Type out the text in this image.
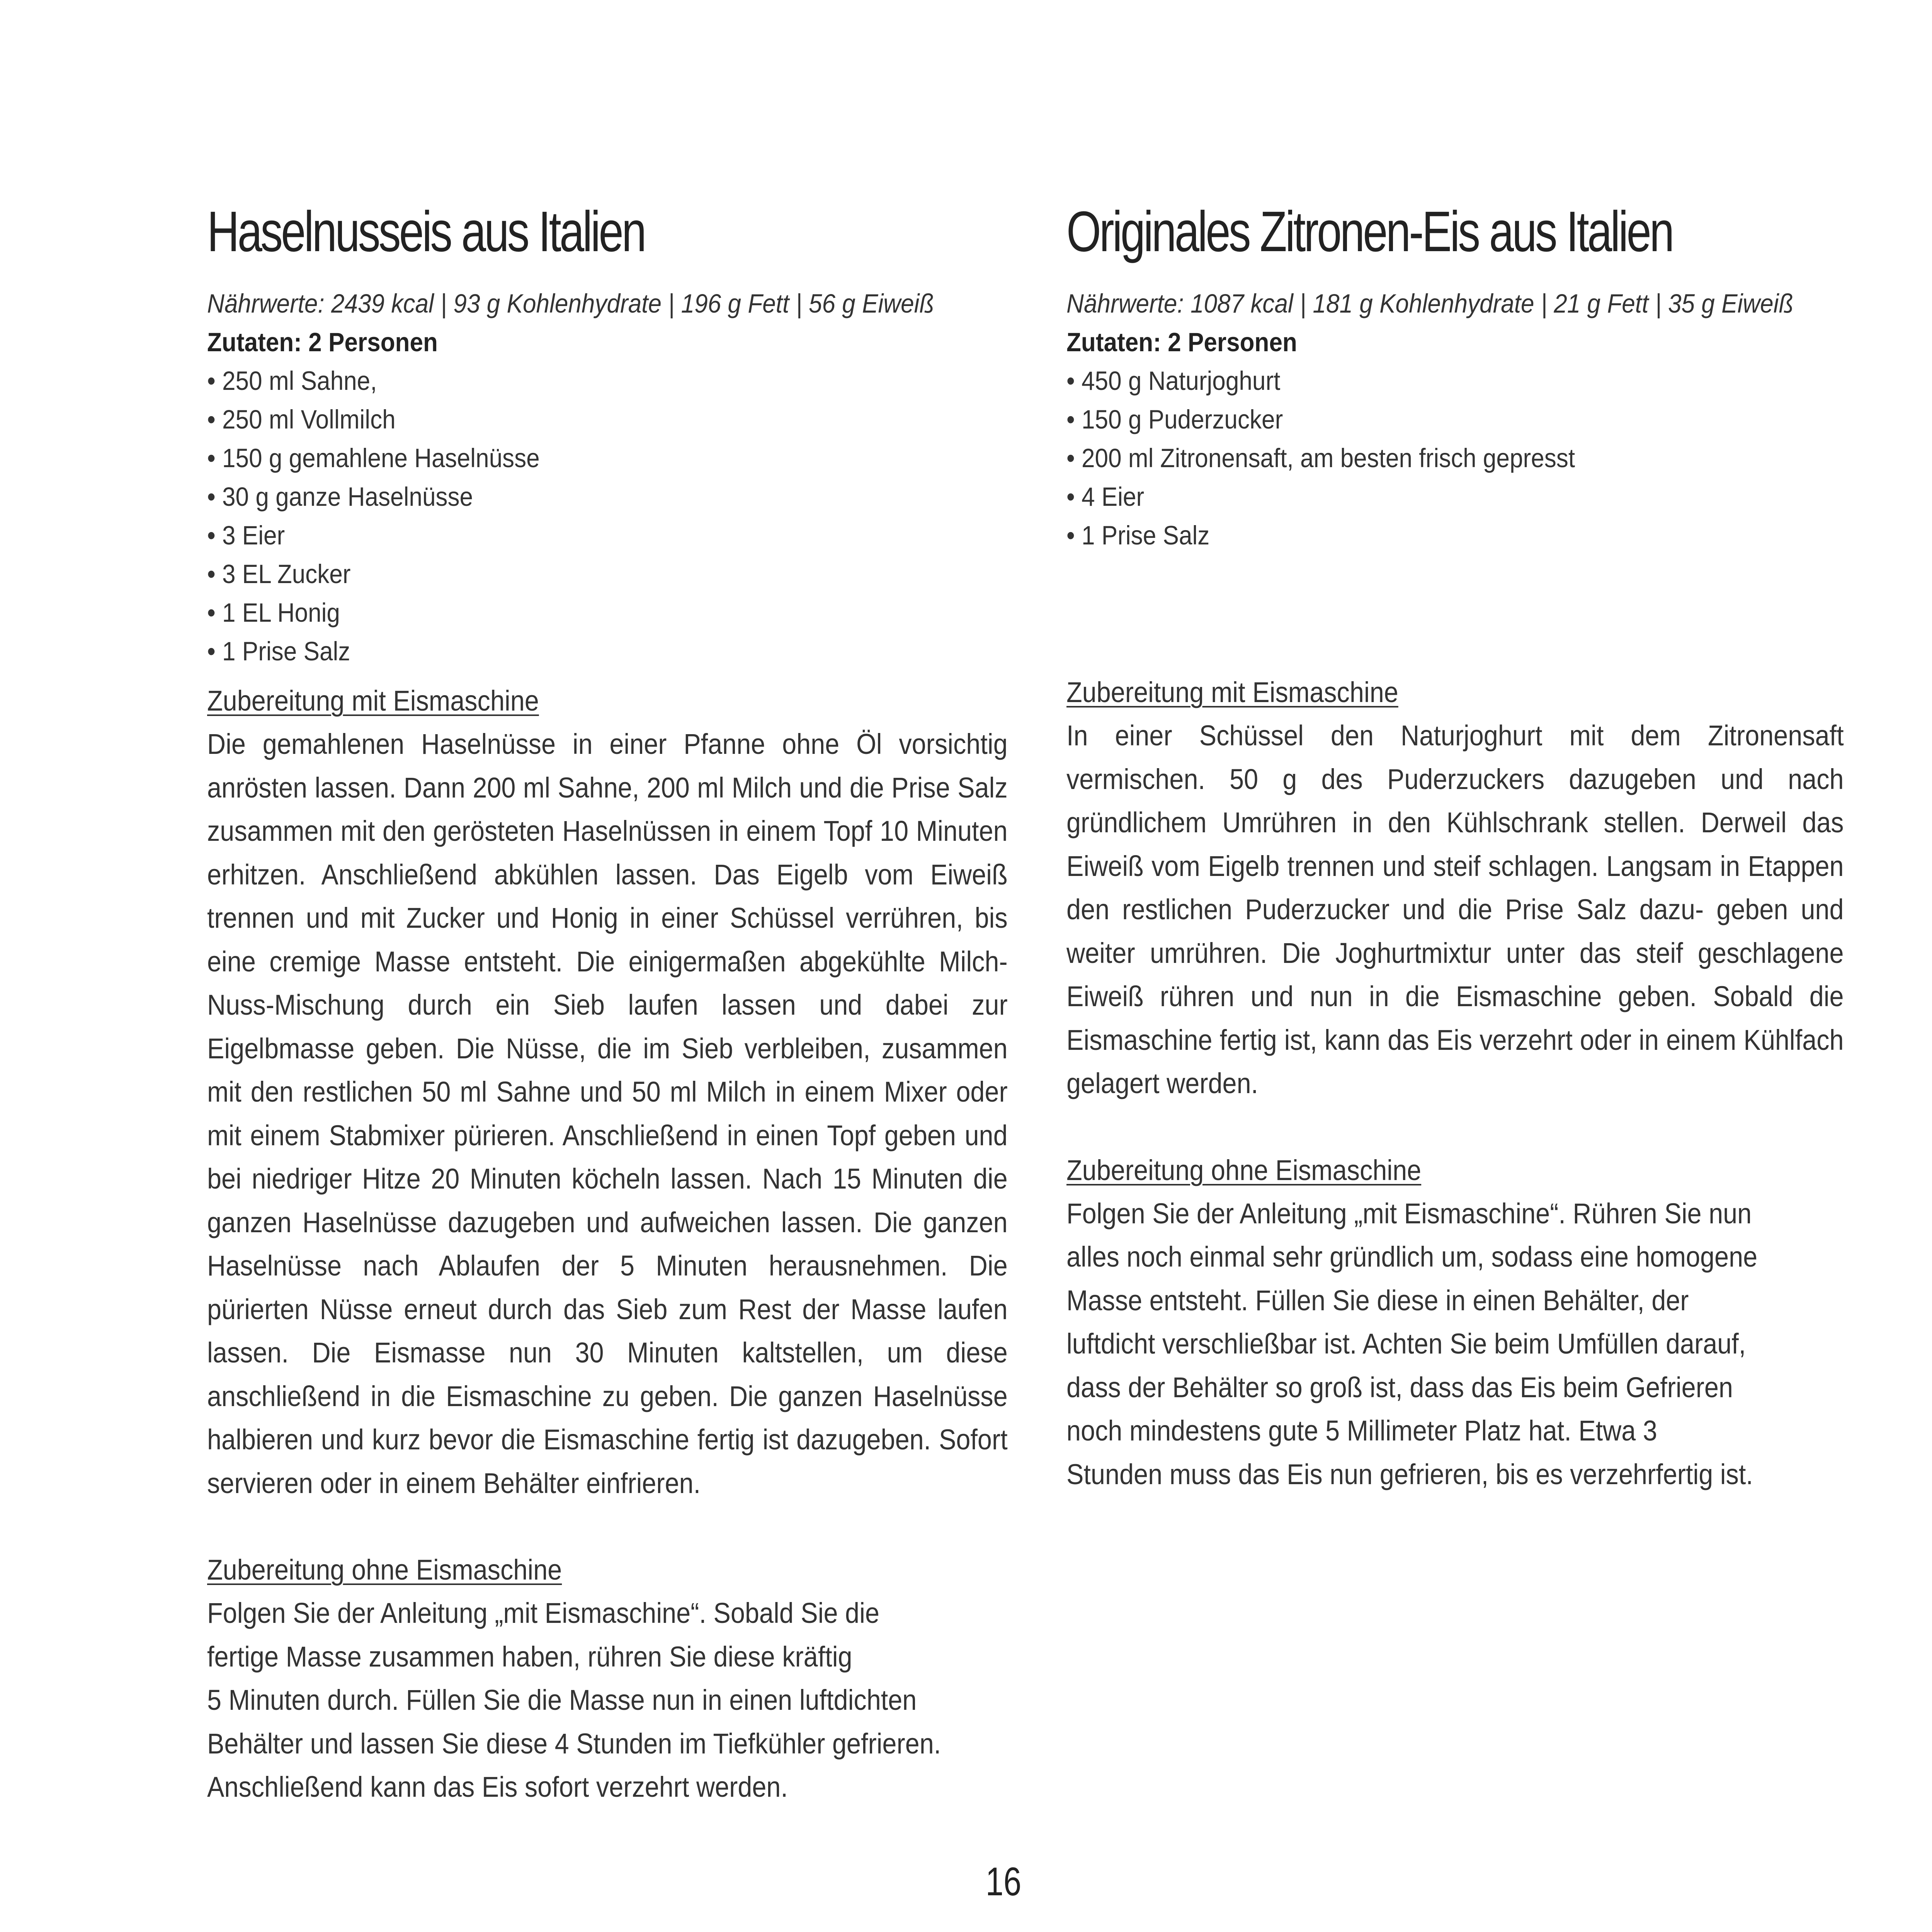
Haselnusseis aus Italien

Nährwerte: 2439 kcal | 93 g Kohlenhydrate | 196 g Fett | 56 g Eiweiß

Zutaten: 2 Personen

• 250 ml Sahne,
• 250 ml Vollmilch
• 150 g gemahlene Haselnüsse
• 30 g ganze Haselnüsse
• 3 Eier
• 3 EL Zucker
• 1 EL Honig
• 1 Prise Salz

Zubereitung mit Eismaschine

Die gemahlenen Haselnüsse in einer Pfanne ohne Öl vorsichtig anrösten lassen. Dann 200 ml Sahne, 200 ml Milch und die Prise Salz zusammen mit den gerösteten Haselnüssen in einem Topf 10 Minuten erhitzen. Anschließend abkühlen lassen. Das Eigelb vom Eiweiß trennen und mit Zucker und Honig in einer Schüssel verrühren, bis eine cremige Masse entsteht. Die einigermaßen abgekühlte Milch-Nuss-Mischung durch ein Sieb laufen lassen und dabei zur Eigelbmasse geben. Die Nüsse, die im Sieb verbleiben, zusammen mit den restlichen 50 ml Sahne und 50 ml Milch in einem Mixer oder mit einem Stabmixer pürieren. Anschließend in einen Topf geben und bei niedriger Hitze 20 Minuten köcheln lassen. Nach 15 Minuten die ganzen Haselnüsse dazugeben und aufweichen lassen. Die ganzen Haselnüsse nach Ablaufen der 5 Minuten herausnehmen. Die pürierten Nüsse erneut durch das Sieb zum Rest der Masse laufen lassen. Die Eismasse nun 30 Minuten kaltstellen, um diese anschließend in die Eismaschine zu geben. Die ganzen Haselnüsse halbieren und kurz bevor die Eismaschine fertig ist dazugeben. Sofort servieren oder in einem Behälter einfrieren.

Zubereitung ohne Eismaschine

Folgen Sie der Anleitung „mit Eismaschine“. Sobald Sie die

fertige Masse zusammen haben, rühren Sie diese kräftig

5 Minuten durch. Füllen Sie die Masse nun in einen luftdichten

Behälter und lassen Sie diese 4 Stunden im Tiefkühler gefrieren.

Anschließend kann das Eis sofort verzehrt werden.

Originales Zitronen-Eis aus Italien

Nährwerte: 1087 kcal | 181 g Kohlenhydrate | 21 g Fett | 35 g Eiweiß

Zutaten: 2 Personen

• 450 g Naturjoghurt
• 150 g Puderzucker
• 200 ml Zitronensaft, am besten frisch gepresst
• 4 Eier
• 1 Prise Salz

Zubereitung mit Eismaschine

In einer Schüssel den Naturjoghurt mit dem Zitronensaft vermischen. 50 g des Puderzuckers dazugeben und nach gründlichem Umrühren in den Kühlschrank stellen. Derweil das Eiweiß vom Eigelb trennen und steif schlagen. Langsam in Etappen den restlichen Puderzucker und die Prise Salz dazu- geben und weiter umrühren. Die Joghurtmixtur unter das steif geschlagene Eiweiß rühren und nun in die Eismaschine geben. Sobald die Eismaschine fertig ist, kann das Eis verzehrt oder in einem Kühlfach gelagert werden.

Zubereitung ohne Eismaschine

Folgen Sie der Anleitung „mit Eismaschine“. Rühren Sie nun

alles noch einmal sehr gründlich um, sodass eine homogene

Masse entsteht. Füllen Sie diese in einen Behälter, der

luftdicht verschließbar ist. Achten Sie beim Umfüllen darauf,

dass der Behälter so groß ist, dass das Eis beim Gefrieren

noch mindestens gute 5 Millimeter Platz hat. Etwa 3

Stunden muss das Eis nun gefrieren, bis es verzehrfertig ist.

16
